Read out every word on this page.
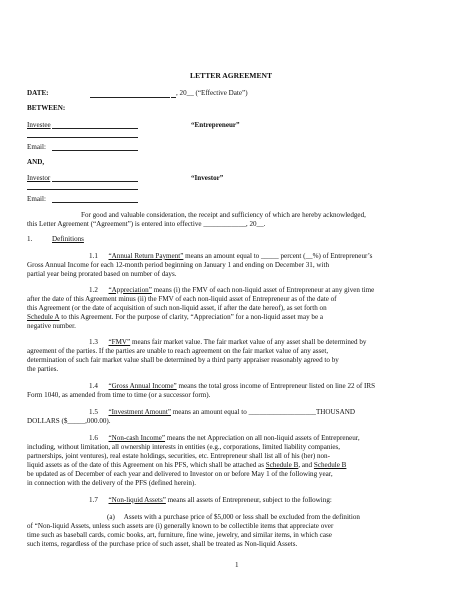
LETTER AGREEMENT
DATE:	, 20__ (“Effective Date”)
BETWEEN:
Investee	“Entrepreneur”
Email:
AND,
Investor	“Investor”
Email:
For good and valuable consideration, the receipt and sufficiency of which are hereby acknowledged,
this Letter Agreement (“Agreement”) is entered into effective ____________, 20__.
1.	Definitions
1.1 “Annual Return Payment” means an amount equal to _____ percent (__%) of Entrepreneur’s
Gross Annual Income for each 12-month period beginning on January 1 and ending on December 31, with
partial year being prorated based on number of days.
1.2 “Appreciation” means (i) the FMV of each non-liquid asset of Entrepreneur at any given time
after the date of this Agreement minus (ii) the FMV of each non-liquid asset of Entrepreneur as of the date of
this Agreement (or the date of acquisition of such non-liquid asset, if after the date hereof), as set forth on
Schedule A to this Agreement. For the purpose of clarity, “Appreciation” for a non-liquid asset may be a
negative number.
1.3 “FMV” means fair market value. The fair market value of any asset shall be determined by
agreement of the parties. If the parties are unable to reach agreement on the fair market value of any asset,
determination of such fair market value shall be determined by a third party appraiser reasonably agreed to by
the parties.
1.4 “Gross Annual Income” means the total gross income of Entrepreneur listed on line 22 of IRS
Form 1040, as amended from time to time (or a successor form).
1.5 “Investment Amount” means an amount equal to ___________________THOUSAND
DOLLARS ($_____,000.00).
1.6 “Non-cash Income” means the net Appreciation on all non-liquid assets of Entrepreneur,
including, without limitation, all ownership interests in entities (e.g., corporations, limited liability companies,
partnerships, joint ventures), real estate holdings, securities, etc. Entrepreneur shall list all of his (her) non-
liquid assets as of the date of this Agreement on his PFS, which shall be attached as Schedule B, and Schedule B
be updated as of December of each year and delivered to Investor on or before May 1 of the following year,
in connection with the delivery of the PFS (defined herein).
1.7 “Non-liquid Assets” means all assets of Entrepreneur, subject to the following:
(a) Assets with a purchase price of $5,000 or less shall be excluded from the definition
of “Non-liquid Assets, unless such assets are (i) generally known to be collectible items that appreciate over
time such as baseball cards, comic books, art, furniture, fine wine, jewelry, and similar items, in which case
such items, regardless of the purchase price of such asset, shall be treated as Non-liquid Assets.
1
